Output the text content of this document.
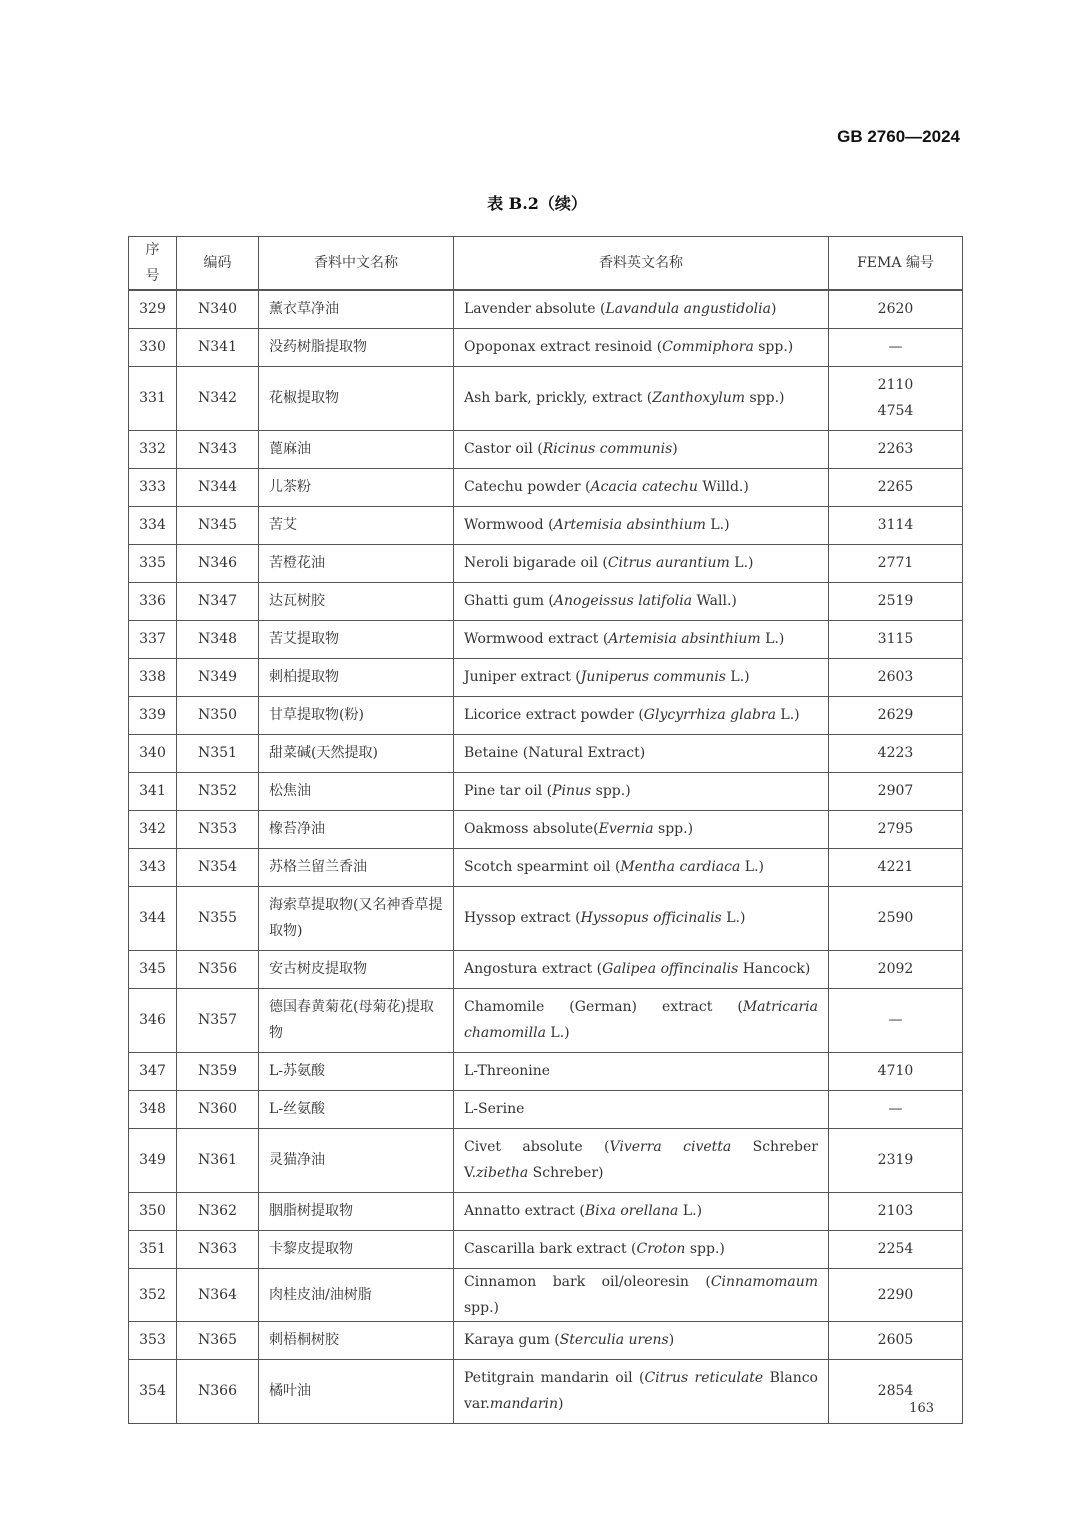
GB 2760—2024
表 B.2（续）
序号	编码	香料中文名称	香料英文名称	FEMA 编号
329	N340	薰衣草净油	Lavender absolute (Lavandula angustidolia)	2620
330	N341	没药树脂提取物	Opoponax extract resinoid (Commiphora spp.)	—
331	N342	花椒提取物	Ash bark, prickly, extract (Zanthoxylum spp.)	2110
4754
332	N343	蓖麻油	Castor oil (Ricinus communis)	2263
333	N344	儿茶粉	Catechu powder (Acacia catechu Willd.)	2265
334	N345	苦艾	Wormwood (Artemisia absinthium L.)	3114
335	N346	苦橙花油	Neroli bigarade oil (Citrus aurantium L.)	2771
336	N347	达瓦树胶	Ghatti gum (Anogeissus latifolia Wall.)	2519
337	N348	苦艾提取物	Wormwood extract (Artemisia absinthium L.)	3115
338	N349	刺柏提取物	Juniper extract (Juniperus communis L.)	2603
339	N350	甘草提取物(粉)	Licorice extract powder (Glycyrrhiza glabra L.)	2629
340	N351	甜菜碱(天然提取)	Betaine (Natural Extract)	4223
341	N352	松焦油	Pine tar oil (Pinus spp.)	2907
342	N353	橡苔净油	Oakmoss absolute(Evernia spp.)	2795
343	N354	苏格兰留兰香油	Scotch spearmint oil (Mentha cardiaca L.)	4221
344	N355	海索草提取物(又名神香草提取物)	Hyssop extract (Hyssopus officinalis L.)	2590
345	N356	安古树皮提取物	Angostura extract (Galipea offincinalis Hancock)	2092
346	N357	德国春黄菊花(母菊花)提取物	Chamomile (German) extract (Matricaria chamomilla L.)	—
347	N359	L-苏氨酸	L-Threonine	4710
348	N360	L-丝氨酸	L-Serine	—
349	N361	灵猫净油	Civet absolute (Viverra civetta Schreber V.zibetha Schreber)	2319
350	N362	胭脂树提取物	Annatto extract (Bixa orellana L.)	2103
351	N363	卡黎皮提取物	Cascarilla bark extract (Croton spp.)	2254
352	N364	肉桂皮油/油树脂	Cinnamon bark oil/oleoresin (Cinnamomaum spp.)	2290
353	N365	刺梧桐树胶	Karaya gum (Sterculia urens)	2605
354	N366	橘叶油	Petitgrain mandarin oil (Citrus reticulate Blanco var.mandarin)	2854
163
